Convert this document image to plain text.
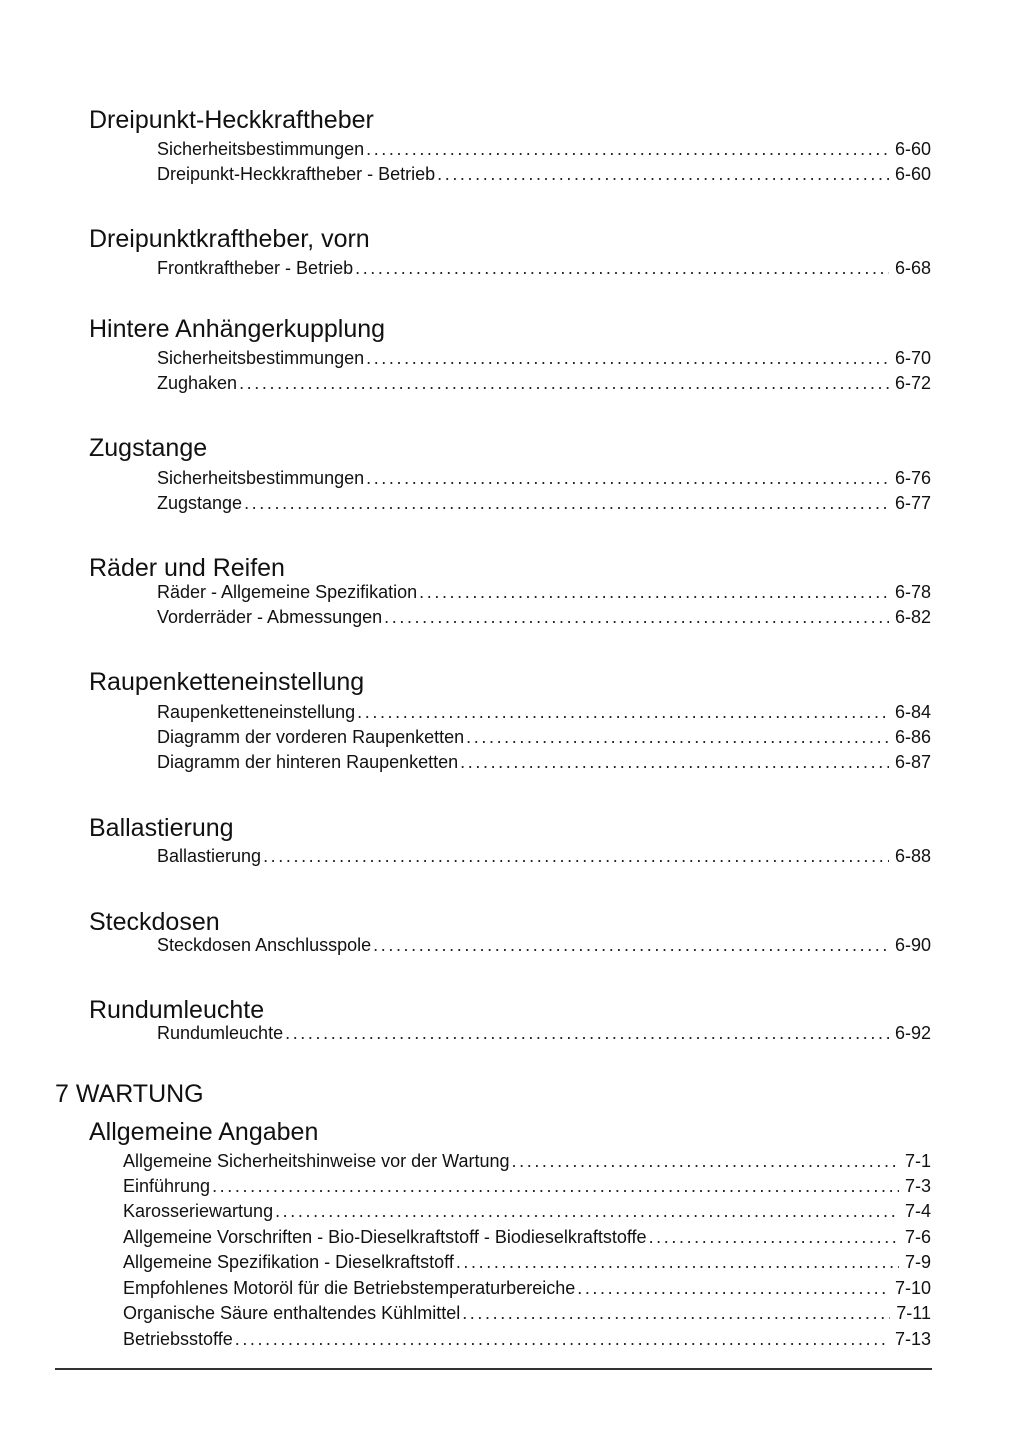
Dreipunkt-Heckkraftheber
Sicherheitsbestimmungen .....	6-60
Dreipunkt-Heckkraftheber - Betrieb .....	6-60
Dreipunktkraftheber, vorn
Frontkraftheber - Betrieb .....	6-68
Hintere Anhängerkupplung
Sicherheitsbestimmungen .....	6-70
Zughaken .....	6-72
Zugstange
Sicherheitsbestimmungen .....	6-76
Zugstange .....	6-77
Räder und Reifen
Räder - Allgemeine Spezifikation .....	6-78
Vorderräder - Abmessungen .....	6-82
Raupenketteneinstellung
Raupenketteneinstellung .....	6-84
Diagramm der vorderen Raupenketten .....	6-86
Diagramm der hinteren Raupenketten .....	6-87
Ballastierung
Ballastierung .....	6-88
Steckdosen
Steckdosen Anschlusspole .....	6-90
Rundumleuchte
Rundumleuchte .....	6-92
7 WARTUNG
Allgemeine Angaben
Allgemeine Sicherheitshinweise vor der Wartung .....	7-1
Einführung .....	7-3
Karosseriewartung .....	7-4
Allgemeine Vorschriften - Bio-Dieselkraftstoff - Biodieselkraftstoffe .....	7-6
Allgemeine Spezifikation - Dieselkraftstoff .....	7-9
Empfohlenes Motoröl für die Betriebstemperaturbereiche .....	7-10
Organische Säure enthaltendes Kühlmittel .....	7-11
Betriebsstoffe .....	7-13
